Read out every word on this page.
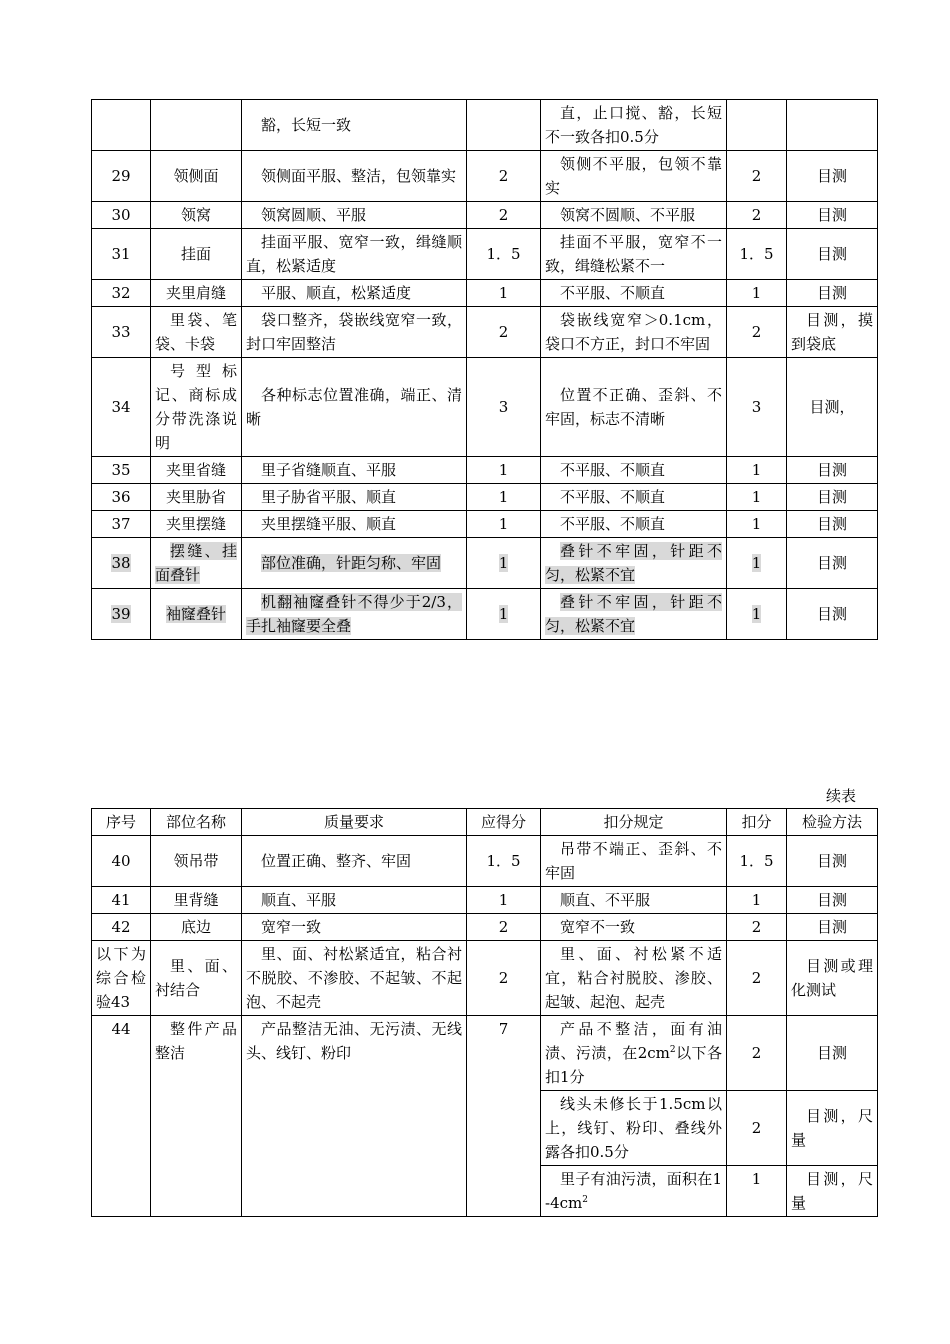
		豁，长短一致		直，止口搅、豁，长短不一致各扣0.5分		
29	领侧面	领侧面平服、整洁，包领靠实	2	领侧不平服，包领不靠实	2	目测
30	领窝	领窝圆顺、平服	2	领窝不圆顺、不平服	2	目测
31	挂面	挂面平服、宽窄一致，缉缝顺直，松紧适度	1．5	挂面不平服，宽窄不一致，缉缝松紧不一	1．5	目测
32	夹里肩缝	平服、顺直，松紧适度	1	不平服、不顺直	1	目测
33	里袋、笔袋、卡袋	袋口整齐，袋嵌线宽窄一致，封口牢固整洁	2	袋嵌线宽窄＞0.1cm，袋口不方正，封口不牢固	2	目测，摸到袋底
34	号型标记、商标成分带洗涤说明	各种标志位置准确，端正、清晰	3	位置不正确、歪斜、不牢固，标志不清晰	3	目测，
35	夹里省缝	里子省缝顺直、平服	1	不平服、不顺直	1	目测
36	夹里胁省	里子胁省平服、顺直	1	不平服、不顺直	1	目测
37	夹里摆缝	夹里摆缝平服、顺直	1	不平服、不顺直	1	目测
38	摆缝、挂面叠针	部位准确，针距匀称、牢固	1	叠针不牢固，针距不匀，松紧不宜	1	目测
39	袖窿叠针	机翻袖窿叠针不得少于2/3，手扎袖窿要全叠	1	叠针不牢固，针距不匀，松紧不宜	1	目测
续表
序号	部位名称	质量要求	应得分	扣分规定	扣分	检验方法
40	领吊带	位置正确、整齐、牢固	1．5	吊带不端正、歪斜、不牢固	1．5	目测
41	里背缝	顺直、平服	1	顺直、不平服	1	目测
42	底边	宽窄一致	2	宽窄不一致	2	目测
以下为综合检验43	里、面、衬结合	里、面、衬松紧适宜，粘合衬不脱胶、不渗胶、不起皱、不起泡、不起壳	2	里、面、衬松紧不适宜，粘合衬脱胶、渗胶、起皱、起泡、起壳	2	目测或理化测试
44	整件产品整洁	产品整洁无油、无污渍、无线头、线钉、粉印	7	产品不整洁，面有油渍、污渍，在$2cm^2$以下各扣1分	2	目测
				线头未修长于1.5cm以上，线钉、粉印、叠线外露各扣0.5分	2	目测，尺量
				里子有油污渍，面积在$1-4cm^2$	1	目测，尺量
